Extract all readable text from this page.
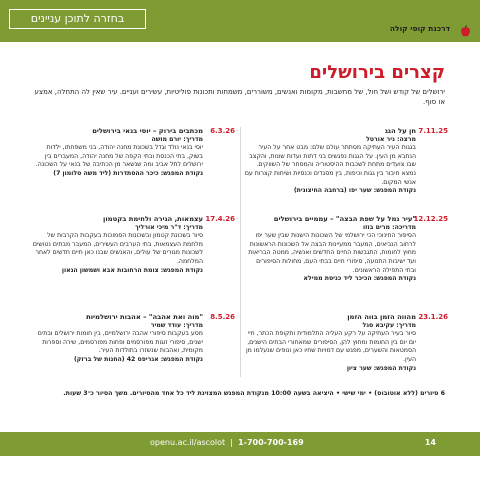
בחזרה לתוכן עניינים
דרכנת קוסי קולה
קצרים בירושלים
ירושלים של קודש ושל חול, של מחשבות, מקומות ואנשים, משוררים, משמחות ותכונות פוליטיות, עשירים ועניים. עיר שאין לה התחלה, אמצע או סוף.
7.11.25
חן על הגג
מרצה: ניר אורטל
בגגות העיר העתיקה מסתתר עולם שלם: מבט אחר על העיר הנחבא מן העין. על הגגות נפגשים בני דתות ועדות שונות, והקצב שבו צועדים מתחת לשכבות ההיסטוריה והמסחר של השווקים. נמצא חיבור בין גגות וכיפות, בין מסגדים וכנסיות ושיחות קצרות עם אנשי המקום.
נקודת המפגש: שער יפו (ברחבה החיצונית)
12.12.25
"עיר גמל על שפת הבצה" – עממיים בירושלים
מדריכה: מרים בוזו
הסיפור החינוכי הכי ירושלמי של השכונות הישנות שבין שער יפו לרחוב הנביאים, המעבר ממעיינות הבצה אל השכונות הראשונות מחוץ לחומות, התגבשות החיים החדשים ואנשיה, ממטה הבריאות ועד ישיבות התנועה, סיפורי חיים בבתי העם, מחולות הסיפורים ובתי התפילה הראשונים.
נקודת המפגש: הכיכר ליד כניסת ממילא
23.1.26
מהווה הזמן בווה הזמן
מדריך: עקיבא סגל
סיור בעיר העתיקה על רקע העליה התלמודית ותקופת הכתר, חיי יום יום בין החומות ומחוץ להן, הסיפורים שמאחורי הבתים הישנים, הסמטאות והשערים, מפגש עם דמויות שחיו כאן ונופים שנעלמו מן העין.
נקודת המפגש: שער ציון
6.3.26
מכתבים בירוק – יוסי בנאי בירושלים
מדריך: יורם מושה
יוסי בנאי נולד וגדל בשכונת מחנה יהודה, בני משפחתו, ילדות בשוק, בתי הכנסת ובתי הקפה של מחנה יהודה, המעברים בין ירושלים לתל אביב ומה שנשאר מן הכתיבה של בנאי על השכונה.
נקודת המפגש: כיכר ההסתדרות (ליד משה סלומון 7)
17.4.26
עצמאות, הגירה ולחימת בקטמון
מדריך: ד"ר מיכי אורליך
סיור בשכונת קטמון ובשכונות הסמוכות בעקבות הקרבות של מלחמת העצמאות, בתי הערבים העשירים, המעבר מבתים נטושים לשכונות מגורים של עולים, והאנשים שבנו כאן חיים חדשים לאחר המלחמה.
נקודת המפגש: צומת הרחובות אבא ושמשון הגאון
8.5.26
"מוה ואת אהבה" – אהבות ירושלמיות
מדריך: עודד שמיר
מסע בעקבות סיפורי אהבה ירושלמיים, בין חומות ירושלים ובתים ישנים, סיפורי זוגות מפורסמים ופחות מפורסמים, שירה וספרות מקומית, ואהבות שנשזרו בתולדות העיר.
נקודת המפגש: אגריפס 42 (החנות של ברזק)
6 סיורים (ללא אוטובוס) • ימי שישי • היציאה בשעה 10:00 מנקודת המפגש המצוינת ליד כל אחד מהסיורים. משך הסיור כ־3 שעות.
openu.ac.il/ascolot  |  1-700-700-169	14
